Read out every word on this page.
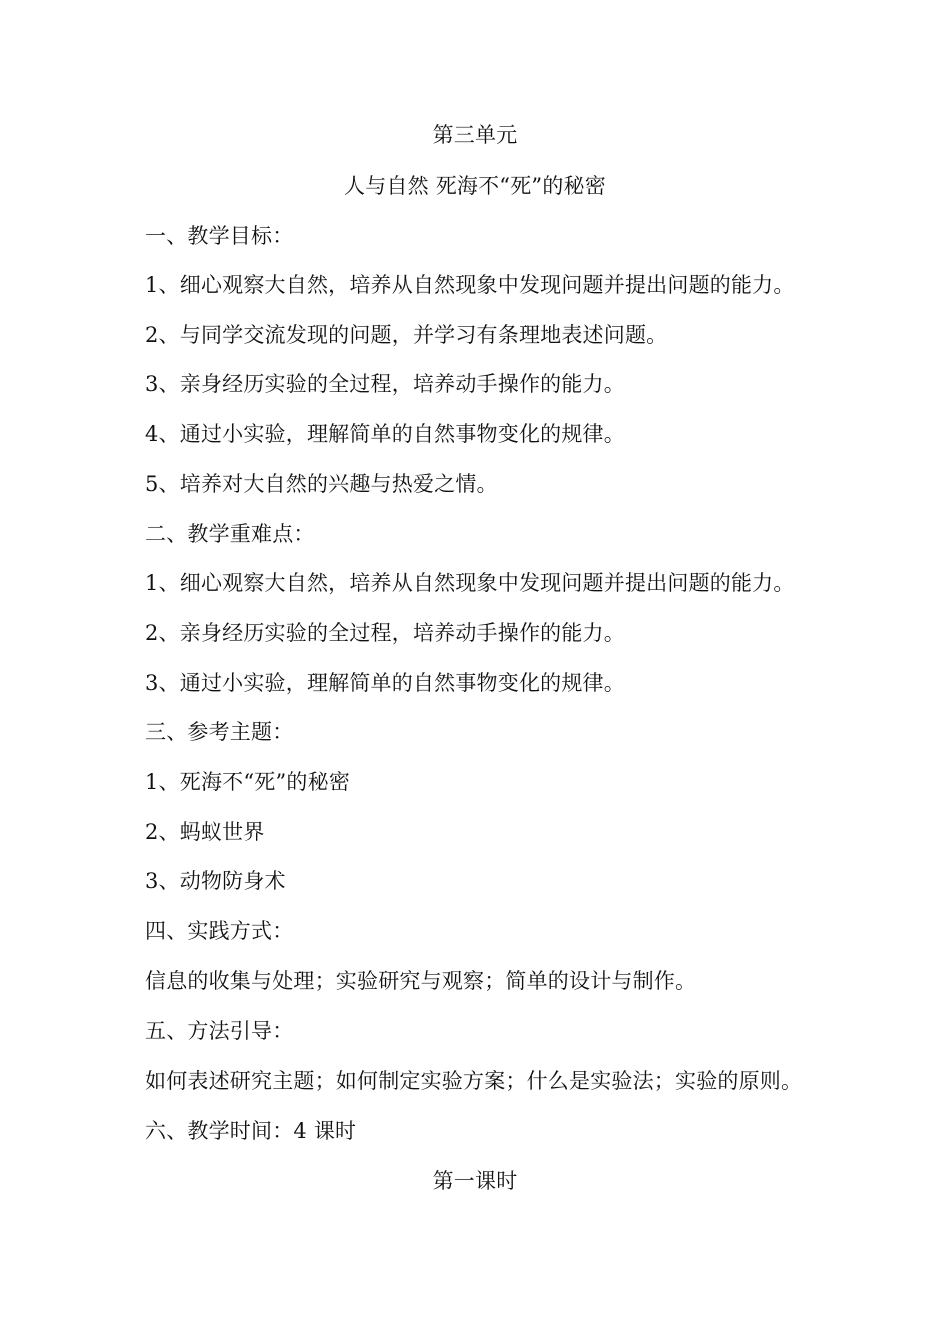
第三单元
人与自然 死海不“死”的秘密
一、教学目标：
1、细心观察大自然，培养从自然现象中发现问题并提出问题的能力。
2、与同学交流发现的问题，并学习有条理地表述问题。
3、亲身经历实验的全过程，培养动手操作的能力。
4、通过小实验，理解简单的自然事物变化的规律。
5、培养对大自然的兴趣与热爱之情。
二、教学重难点：
1、细心观察大自然，培养从自然现象中发现问题并提出问题的能力。
2、亲身经历实验的全过程，培养动手操作的能力。
3、通过小实验，理解简单的自然事物变化的规律。
三、参考主题：
1、死海不“死”的秘密
2、蚂蚁世界
3、动物防身术
四、实践方式：
信息的收集与处理；实验研究与观察；简单的设计与制作。
五、方法引导：
如何表述研究主题；如何制定实验方案；什么是实验法；实验的原则。
六、教学时间：4 课时
第一课时
